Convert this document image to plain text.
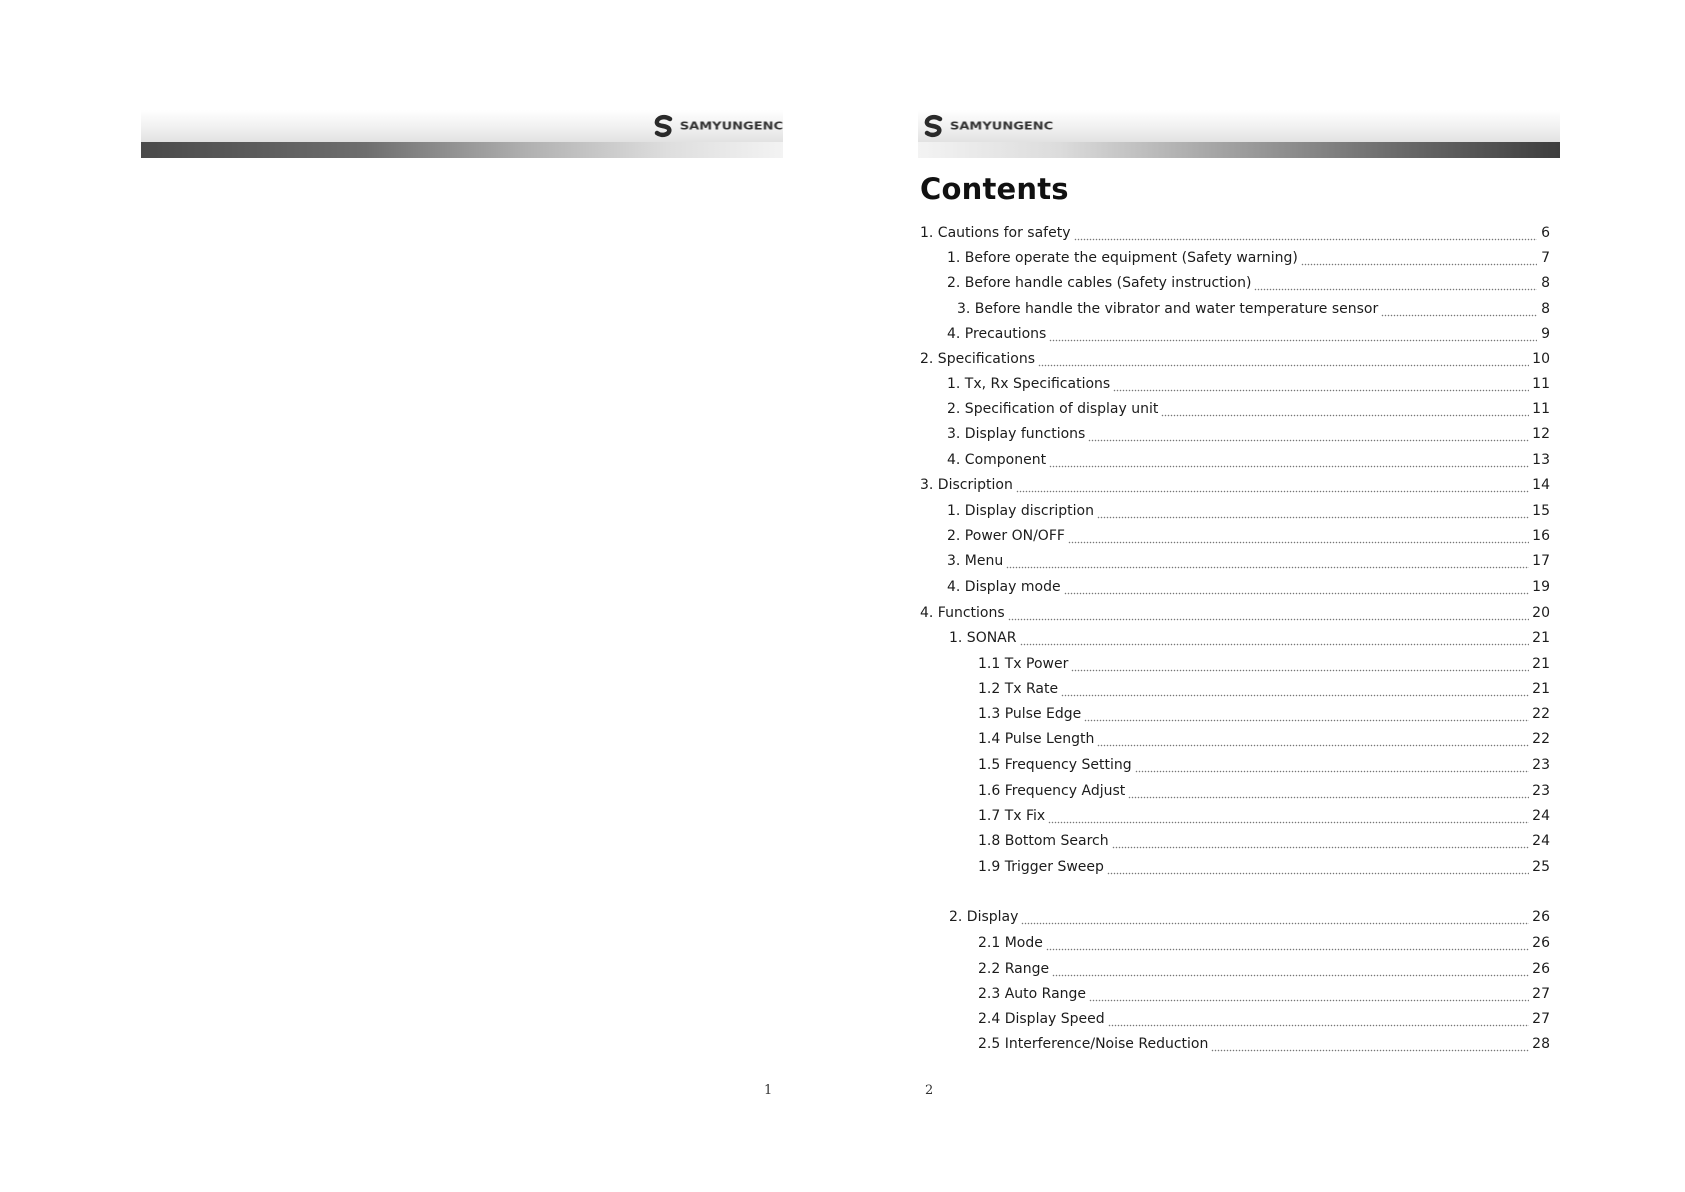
SAMYUNGENC	SAMYUNGENC
Contents
1. Cautions for safety	6
1. Before operate the equipment (Safety warning)	7
2. Before handle cables (Safety instruction)	8
3. Before handle the vibrator and water temperature sensor	8
4. Precautions	9
2. Specifications	10
1. Tx, Rx Specifications	11
2. Specification of display unit	11
3. Display functions	12
4. Component	13
3. Discription	14
1. Display discription	15
2. Power ON/OFF	16
3. Menu	17
4. Display mode	19
4. Functions	20
1. SONAR	21
1.1 Tx Power	21
1.2 Tx Rate	21
1.3 Pulse Edge	22
1.4 Pulse Length	22
1.5 Frequency Setting	23
1.6 Frequency Adjust	23
1.7 Tx Fix	24
1.8 Bottom Search	24
1.9 Trigger Sweep	25
2. Display	26
2.1 Mode	26
2.2 Range	26
2.3 Auto Range	27
2.4 Display Speed	27
2.5 Interference/Noise Reduction	28
1	2
